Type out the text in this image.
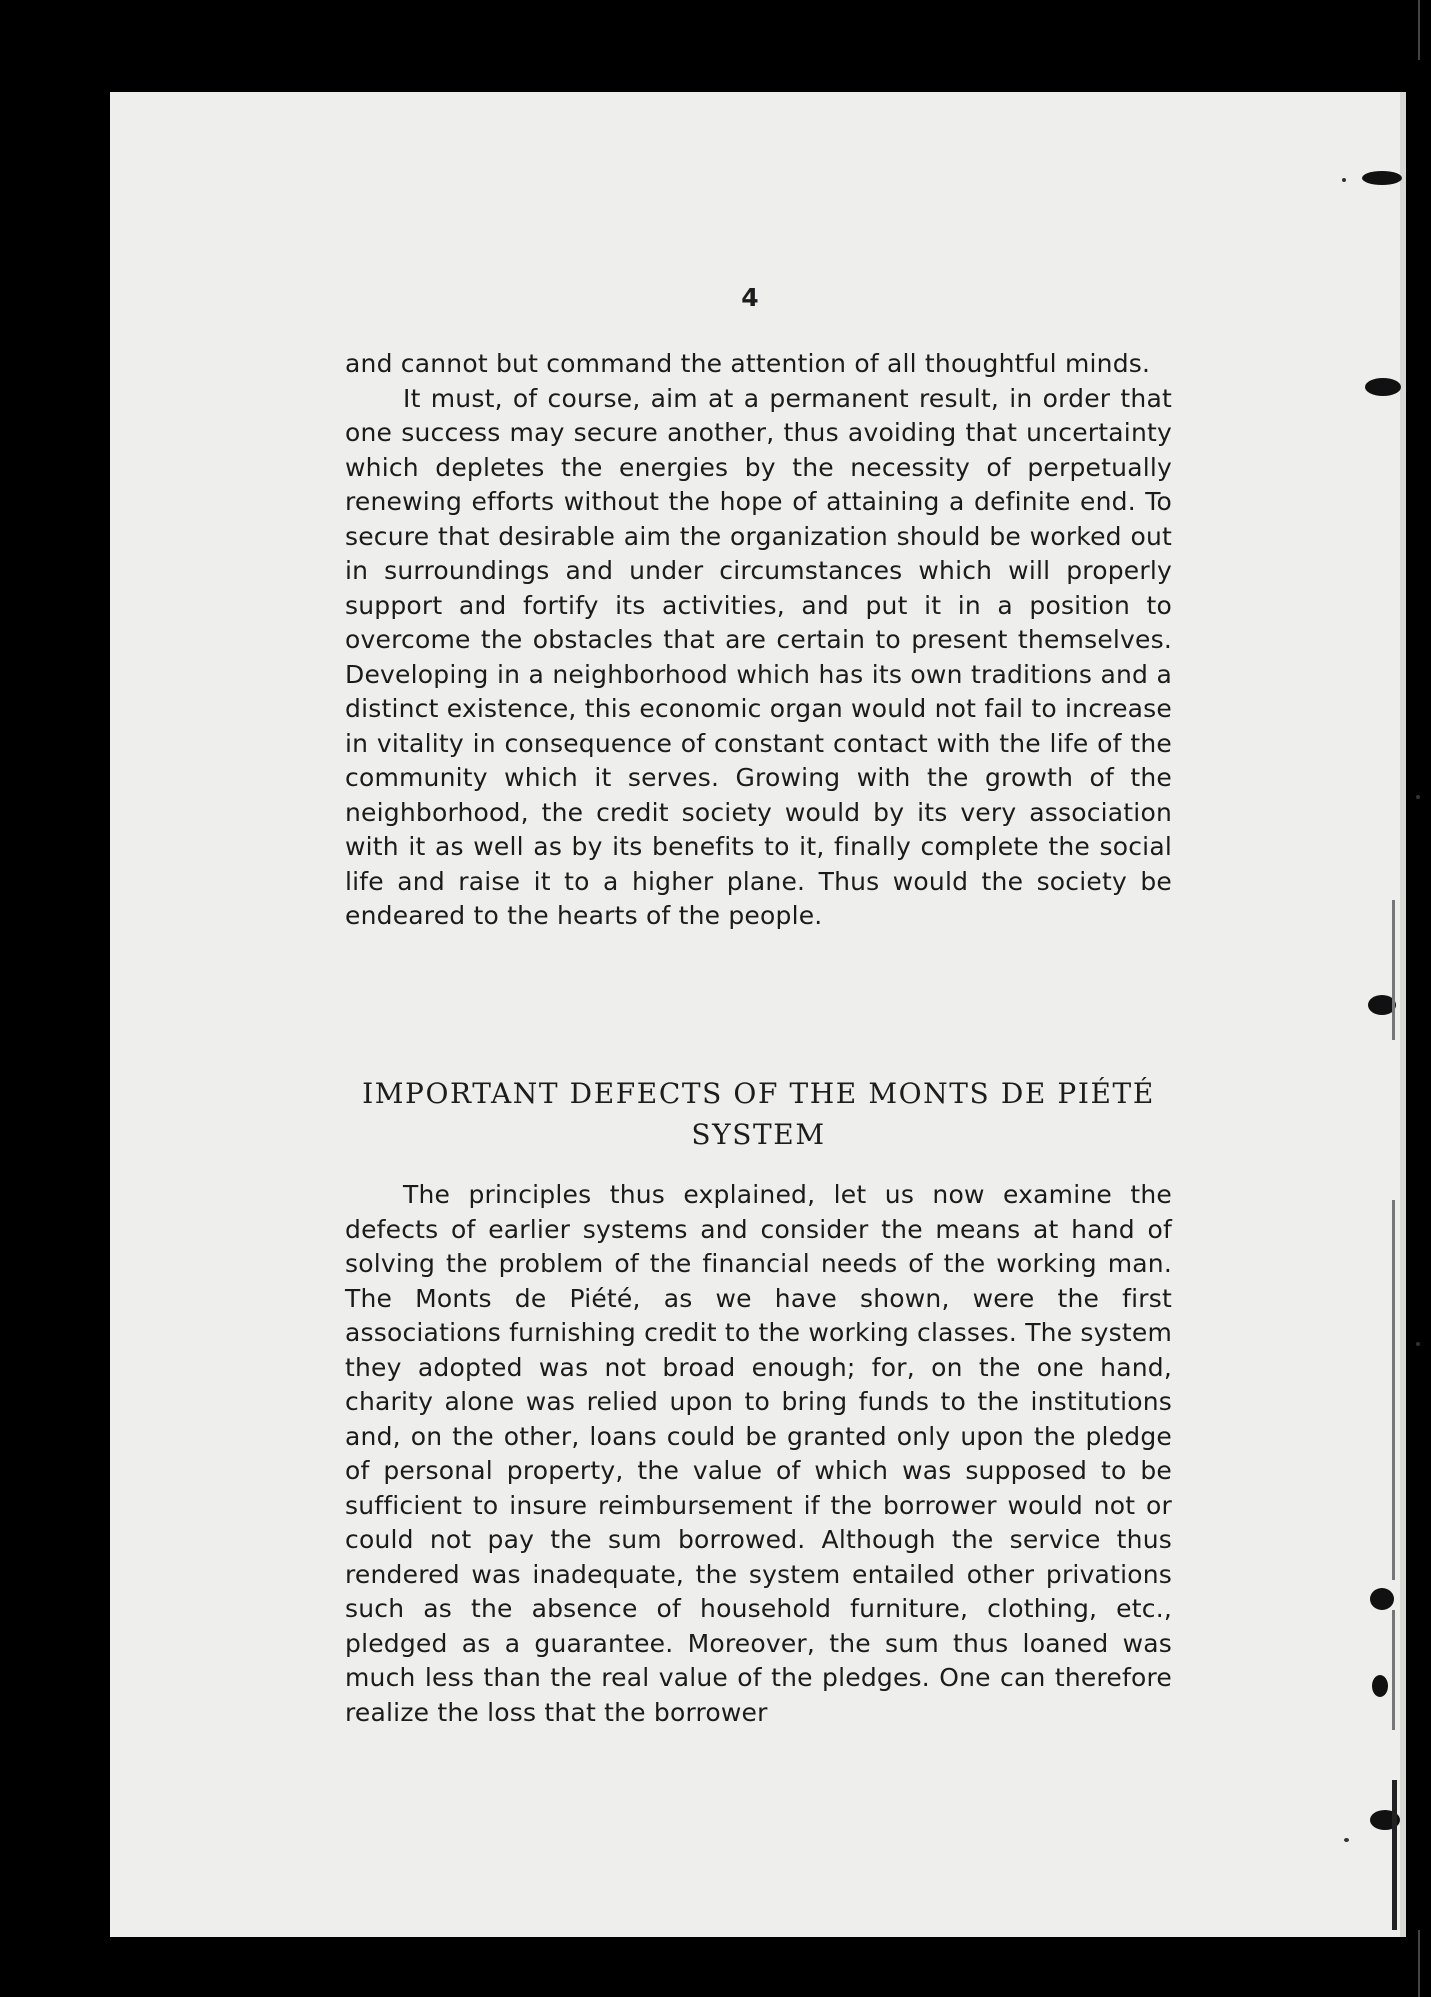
4

and cannot but command the attention of all thoughtful minds.

It must, of course, aim at a permanent result, in order that one success may secure another, thus avoiding that uncertainty which depletes the energies by the necessity of perpetually renewing efforts without the hope of attaining a definite end. To secure that desirable aim the organization should be worked out in surroundings and under circumstances which will properly support and fortify its activities, and put it in a position to overcome the obstacles that are certain to present themselves. Developing in a neighborhood which has its own traditions and a distinct existence, this economic organ would not fail to increase in vitality in consequence of constant contact with the life of the community which it serves. Growing with the growth of the neighborhood, the credit society would by its very association with it as well as by its benefits to it, finally complete the social life and raise it to a higher plane. Thus would the society be endeared to the hearts of the people.

IMPORTANT DEFECTS OF THE MONTS DE PIÉTÉ
SYSTEM

The principles thus explained, let us now examine the defects of earlier systems and consider the means at hand of solving the problem of the financial needs of the working man. The Monts de Piété, as we have shown, were the first associations furnishing credit to the working classes. The system they adopted was not broad enough; for, on the one hand, charity alone was relied upon to bring funds to the institutions and, on the other, loans could be granted only upon the pledge of personal property, the value of which was supposed to be sufficient to insure reimbursement if the borrower would not or could not pay the sum borrowed. Although the service thus rendered was inadequate, the system entailed other privations such as the absence of household furniture, clothing, etc., pledged as a guarantee. Moreover, the sum thus loaned was much less than the real value of the pledges. One can therefore realize the loss that the borrower
